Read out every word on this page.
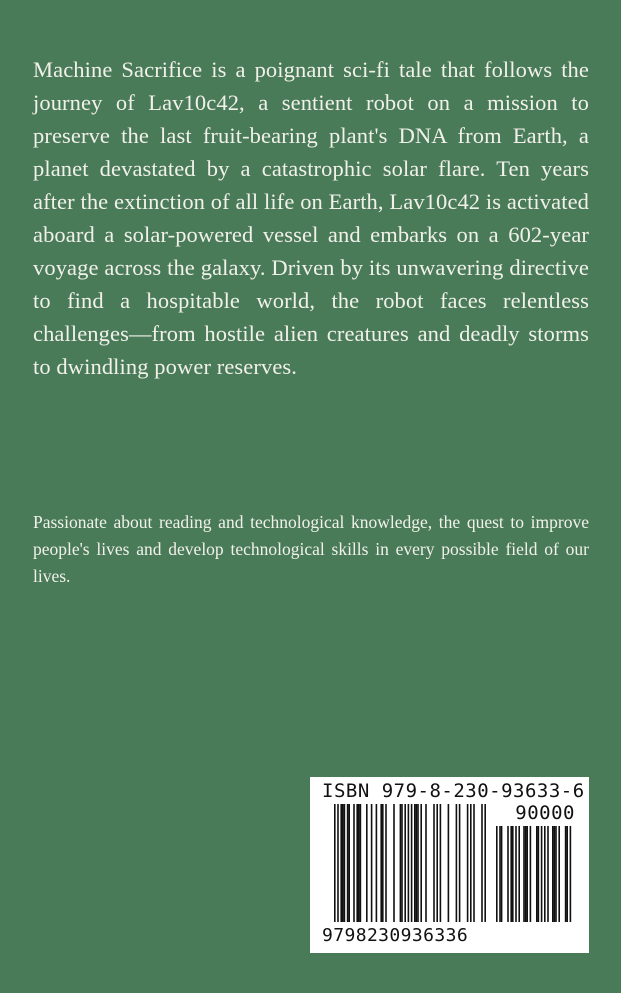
Machine Sacrifice is a poignant sci-fi tale that follows the journey of Lav10c42, a sentient robot on a mission to preserve the last fruit-bearing plant's DNA from Earth, a planet devastated by a catastrophic solar flare. Ten years after the extinction of all life on Earth, Lav10c42 is activated aboard a solar-powered vessel and embarks on a 602-year voyage across the galaxy. Driven by its unwavering directive to find a hospitable world, the robot faces relentless challenges—from hostile alien creatures and deadly storms to dwindling power reserves.

Passionate about reading and technological knowledge, the quest to improve people's lives and develop technological skills in every possible field of our lives.

ISBN 979-8-230-93633-6
90000
9798230936336
